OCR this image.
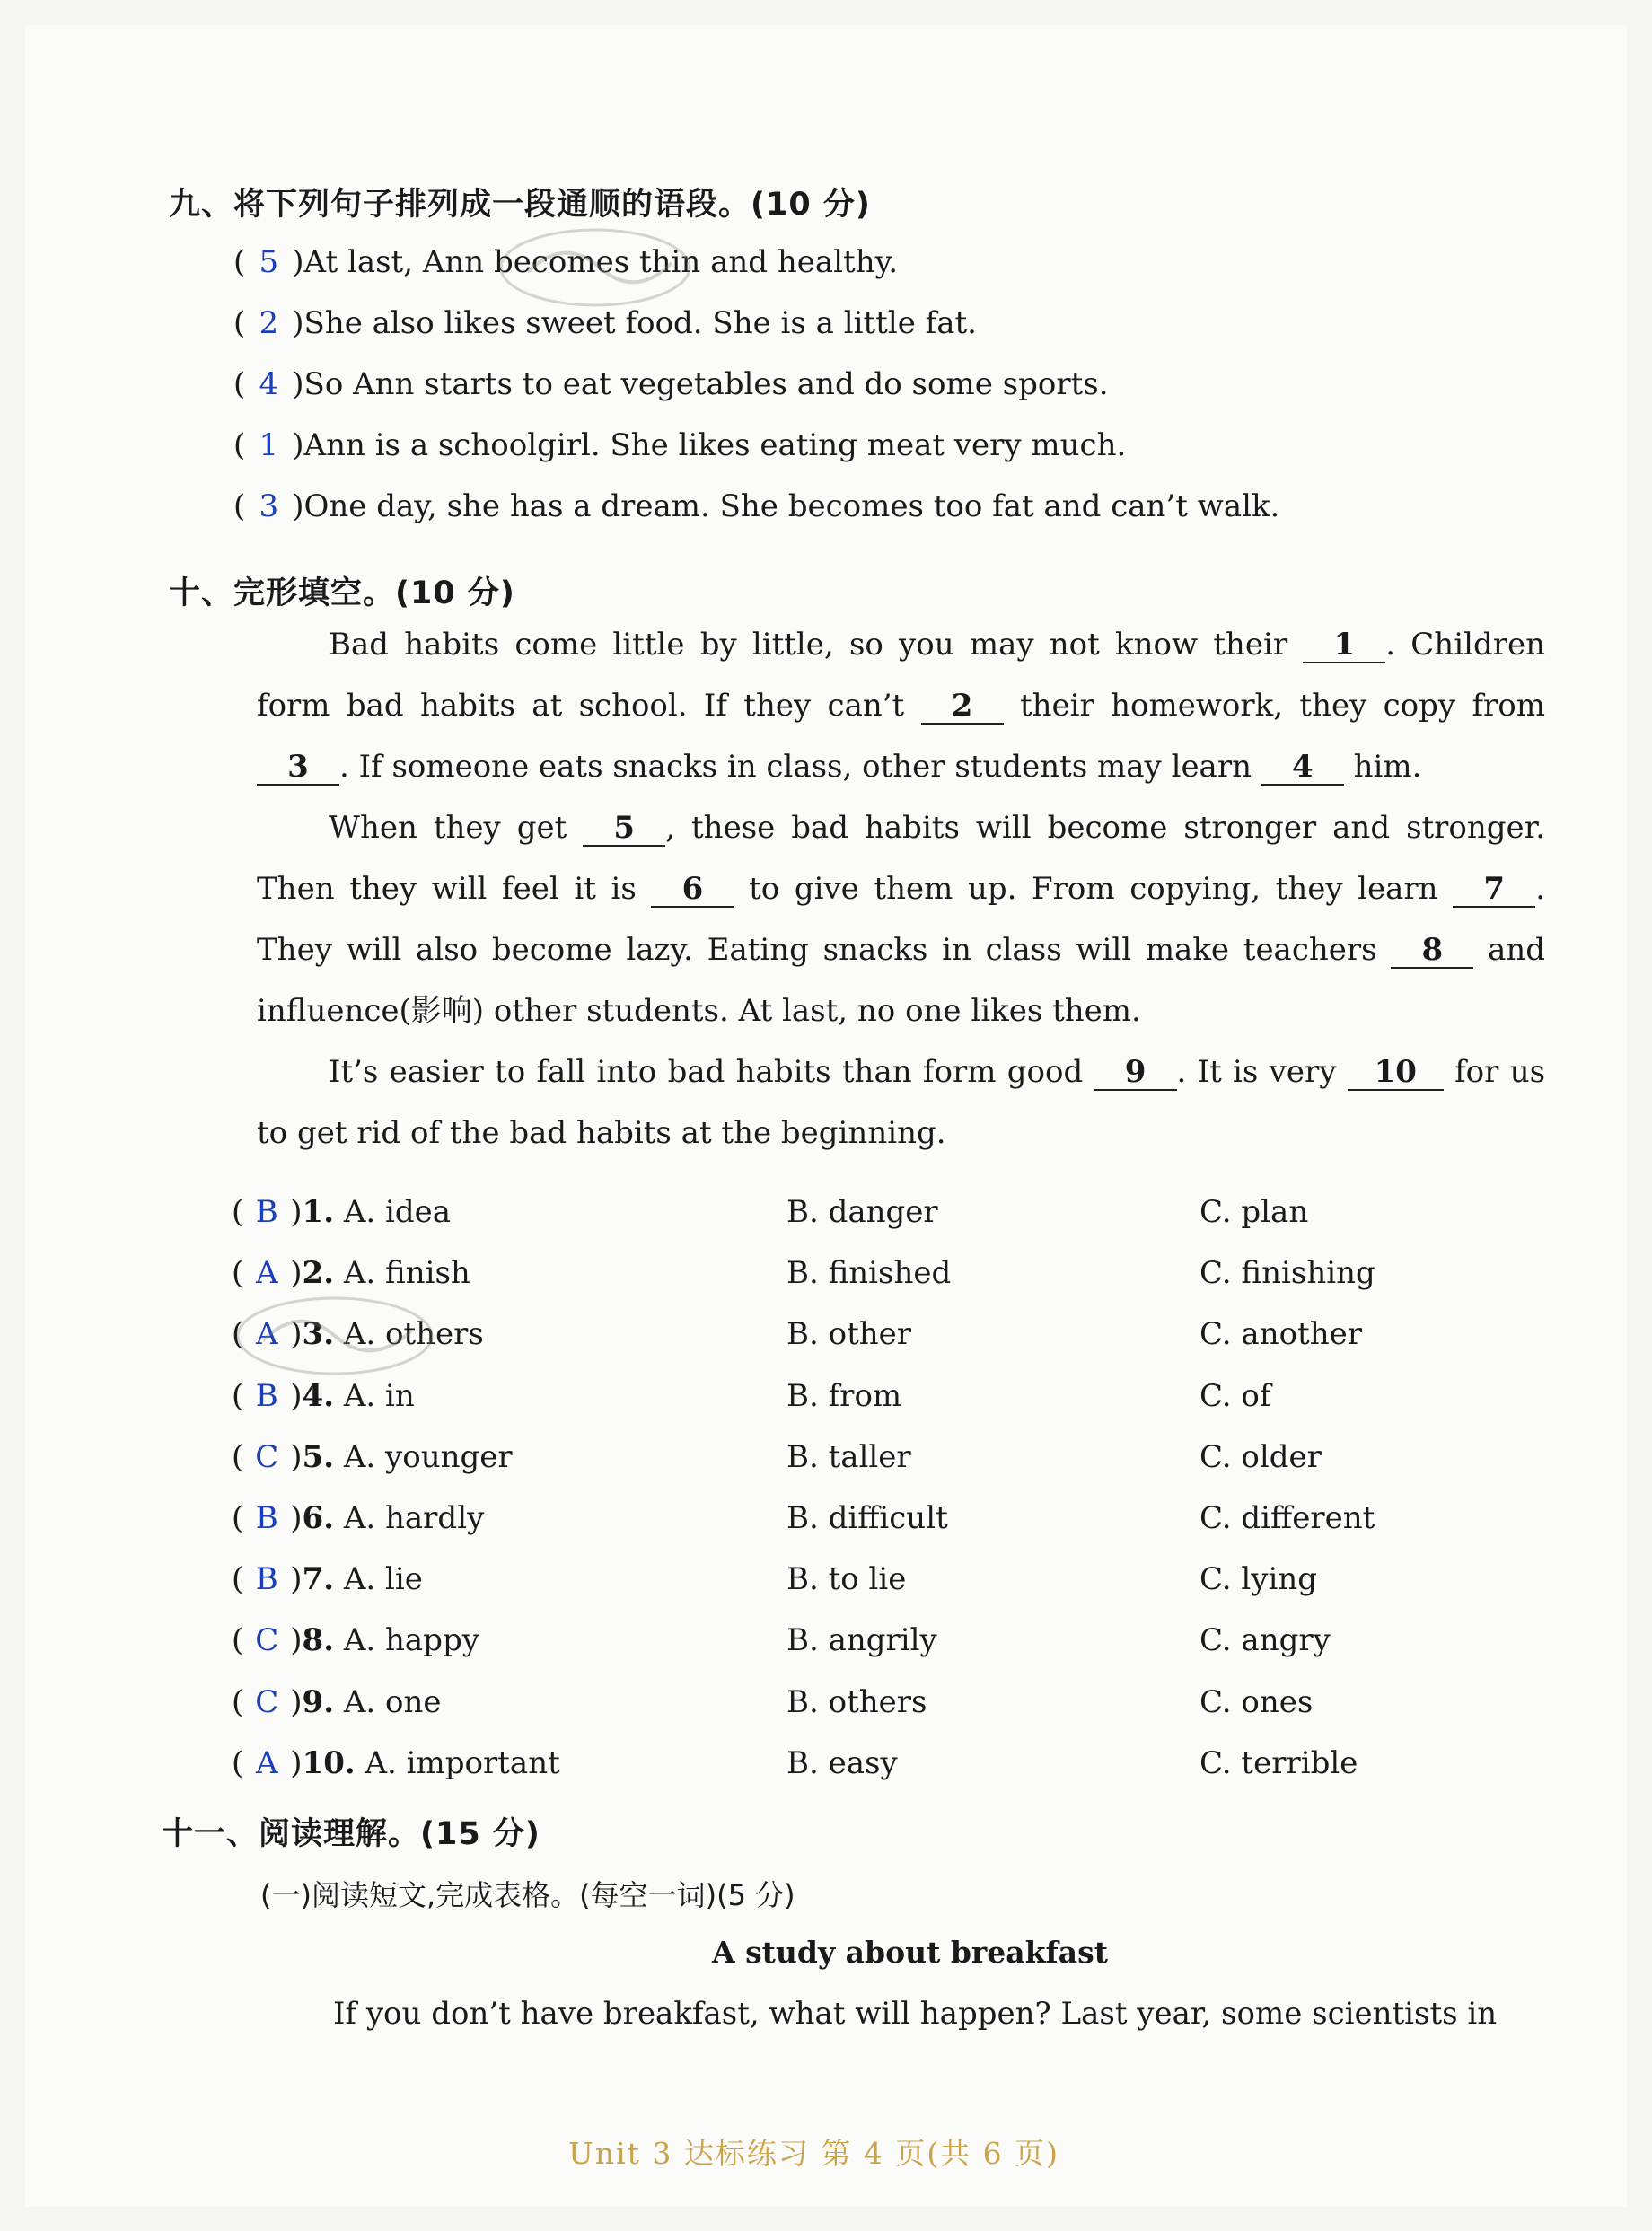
九、将下列句子排列成一段通顺的语段。(10 分)
( 5 )At last, Ann becomes thin and healthy.
( 2 )She also likes sweet food. She is a little fat.
( 4 )So Ann starts to eat vegetables and do some sports.
( 1 )Ann is a schoolgirl. She likes eating meat very much.
( 3 )One day, she has a dream. She becomes too fat and can’t walk.
十、完形填空。(10 分)
Bad habits come little by little, so you may not know their 1 . Children form bad habits at school. If they can’t 2 their homework, they copy from 3 . If someone eats snacks in class, other students may learn 4 him.
When they get 5 , these bad habits will become stronger and stronger. Then they will feel it is 6 to give them up. From copying, they learn 7 . They will also become lazy. Eating snacks in class will make teachers 8 and influence(影响) other students. At last, no one likes them.
It’s easier to fall into bad habits than form good 9 . It is very 10 for us to get rid of the bad habits at the beginning.
( B )1. A. idea	B. danger	C. plan
( A )2. A. finish	B. finished	C. finishing
( A )3. A. others	B. other	C. another
( B )4. A. in	B. from	C. of
( C )5. A. younger	B. taller	C. older
( B )6. A. hardly	B. difficult	C. different
( B )7. A. lie	B. to lie	C. lying
( C )8. A. happy	B. angrily	C. angry
( C )9. A. one	B. others	C. ones
( A )10. A. important	B. easy	C. terrible
十一、阅读理解。(15 分)
(一)阅读短文,完成表格。(每空一词)(5 分)
A study about breakfast
If you don’t have breakfast, what will happen? Last year, some scientists in
Unit 3 达标练习 第 4 页(共 6 页)
